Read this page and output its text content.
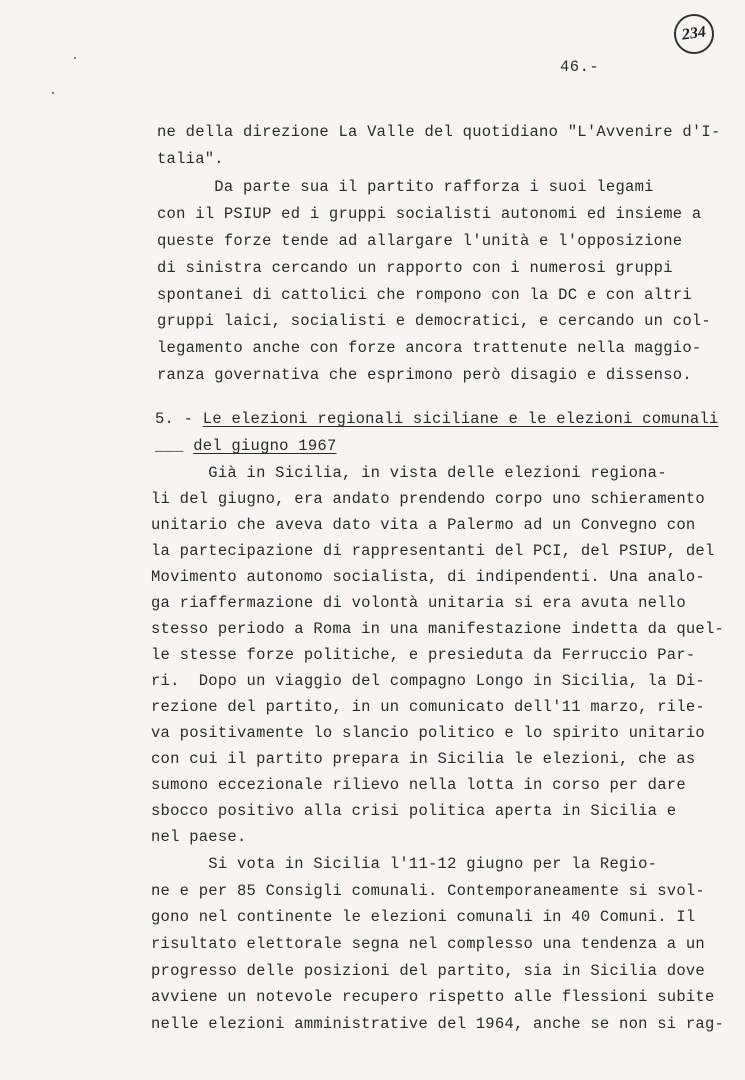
234
46.-
ne della direzione La Valle del quotidiano "L'Avvenire d'I-
talia".
Da parte sua il partito rafforza i suoi legami
con il PSIUP ed i gruppi socialisti autonomi ed insieme a
queste forze tende ad allargare l'unità e l'opposizione
di sinistra cercando un rapporto con i numerosi gruppi
spontanei di cattolici che rompono con la DC e con altri
gruppi laici, socialisti e democratici, e cercando un col-
legamento anche con forze ancora trattenute nella maggio-
ranza governativa che esprimono però disagio e dissenso.
5. - Le elezioni regionali siciliane e le elezioni comunali
___ del giugno 1967
Già in Sicilia, in vista delle elezioni regiona-
li del giugno, era andato prendendo corpo uno schieramento
unitario che aveva dato vita a Palermo ad un Convegno con
la partecipazione di rappresentanti del PCI, del PSIUP, del
Movimento autonomo socialista, di indipendenti. Una analo-
ga riaffermazione di volontà unitaria si era avuta nello
stesso periodo a Roma in una manifestazione indetta da quel-
le stesse forze politiche, e presieduta da Ferruccio Par-
ri.  Dopo un viaggio del compagno Longo in Sicilia, la Di-
rezione del partito, in un comunicato dell'11 marzo, rile-
va positivamente lo slancio politico e lo spirito unitario
con cui il partito prepara in Sicilia le elezioni, che as
sumono eccezionale rilievo nella lotta in corso per dare
sbocco positivo alla crisi politica aperta in Sicilia e
nel paese.
Si vota in Sicilia l'11-12 giugno per la Regio-
ne e per 85 Consigli comunali. Contemporaneamente si svol-
gono nel continente le elezioni comunali in 40 Comuni. Il
risultato elettorale segna nel complesso una tendenza a un
progresso delle posizioni del partito, sia in Sicilia dove
avviene un notevole recupero rispetto alle flessioni subite
nelle elezioni amministrative del 1964, anche se non si rag-
